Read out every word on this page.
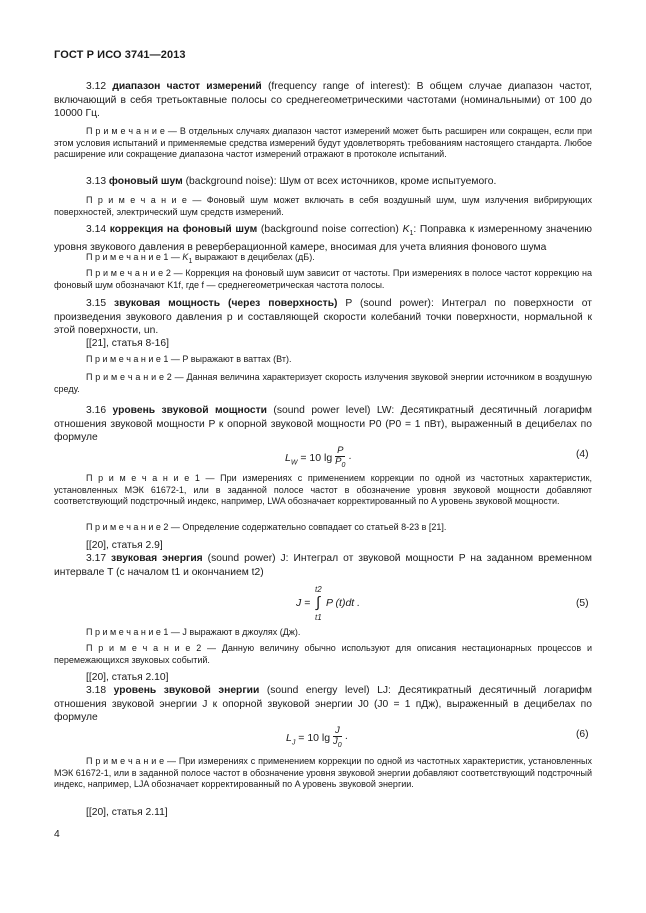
ГОСТ Р ИСО 3741—2013

3.12 диапазон частот измерений (frequency range of interest): В общем случае диапазон частот, включающий в себя третьоктавные полосы со среднегеометрическими частотами (номинальными) от 100 до 10000 Гц.

П р и м е ч а н и е — В отдельных случаях диапазон частот измерений может быть расширен или сокращен, если при этом условия испытаний и применяемые средства измерений будут удовлетворять требованиям настоящего стандарта. Любое расширение или сокращение диапазона частот измерений отражают в протоколе испытаний.

3.13 фоновый шум (background noise): Шум от всех источников, кроме испытуемого.

П р и м е ч а н и е — Фоновый шум может включать в себя воздушный шум, шум излучения вибрирующих поверхностей, электрический шум средств измерений.

3.14 коррекция на фоновый шум (background noise correction) $K_1$: Поправка к измеренному значению уровня звукового давления в реверберационной камере, вносимая для учета влияния фонового шума

П р и м е ч а н и е 1 — $K_1$ выражают в децибелах (дБ).

П р и м е ч а н и е 2 — Коррекция на фоновый шум зависит от частоты. При измерениях в полосе частот коррекцию на фоновый шум обозначают K1f, где f — среднегеометрическая частота полосы.

3.15 звуковая мощность (через поверхность) P (sound power): Интеграл по поверхности от произведения звукового давления p и составляющей скорости колебаний точки поверхности, нормальной к этой поверхности, un.

[[21], статья 8-16]

П р и м е ч а н и е 1 — P выражают в ваттах (Вт).

П р и м е ч а н и е 2 — Данная величина характеризует скорость излучения звуковой энергии источником в воздушную среду.

3.16 уровень звуковой мощности (sound power level) LW: Десятикратный десятичный логарифм отношения звуковой мощности P к опорной звуковой мощности P0 (P0 = 1 пВт), выраженный в децибелах по формуле

$L_W = 10$ $\lg \frac{P}{P_0}$ ·	(4)

П р и м е ч а н и е 1 — При измерениях с применением коррекции по одной из частотных характеристик, установленных МЭК 61672-1, или в заданной полосе частот в обозначение уровня звуковой мощности добавляют соответствующий подстрочный индекс, например, LWA обозначает корректированный по A уровень звуковой мощности.

П р и м е ч а н и е 2 — Определение содержательно совпадает со статьей 8-23 в [21].

[[20], статья 2.9]

3.17 звуковая энергия (sound power) J: Интеграл от звуковой мощности P на заданном временном интервале T (с началом t1 и окончанием t2)

J =
t2
∫
t1
P (t)dt .	(5)

П р и м е ч а н и е 1 — J выражают в джоулях (Дж).

П р и м е ч а н и е 2 — Данную величину обычно используют для описания нестационарных процессов и перемежающихся звуковых событий.

[[20], статья 2.10]

3.18 уровень звуковой энергии (sound energy level) LJ: Десятикратный десятичный логарифм отношения звуковой энергии J к опорной звуковой энергии J0 (J0 = 1 пДж), выраженный в децибелах по формуле

$L_J = 10$ $\lg \frac{J}{J_0}$ ·	(6)

П р и м е ч а н и е — При измерениях с применением коррекции по одной из частотных характеристик, установленных МЭК 61672-1, или в заданной полосе частот в обозначение уровня звуковой энергии добавляют соответствующий подстрочный индекс, например, LJA обозначает корректированный по A уровень звуковой энергии.

[[20], статья 2.11]

4
